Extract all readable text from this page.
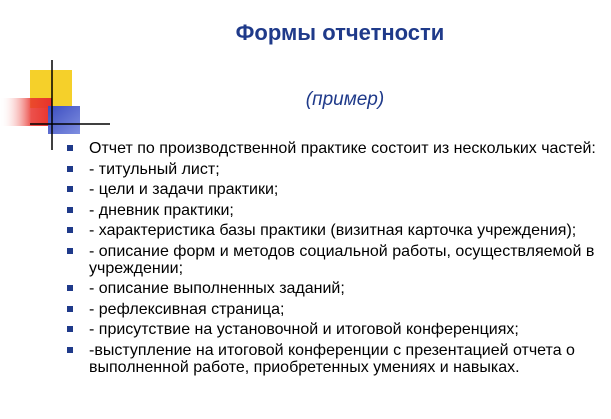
Формы отчетности
(пример)
Отчет по производственной практике состоит из нескольких частей:
- титульный лист;
- цели и задачи практики;
- дневник практики;
- характеристика базы практики (визитная карточка учреждения);
- описание форм и методов социальной работы, осуществляемой в учреждении;
- описание выполненных заданий;
- рефлексивная страница;
- присутствие на установочной и итоговой конференциях;
-выступление на итоговой конференции с презентацией отчета о выполненной работе, приобретенных умениях и навыках.
